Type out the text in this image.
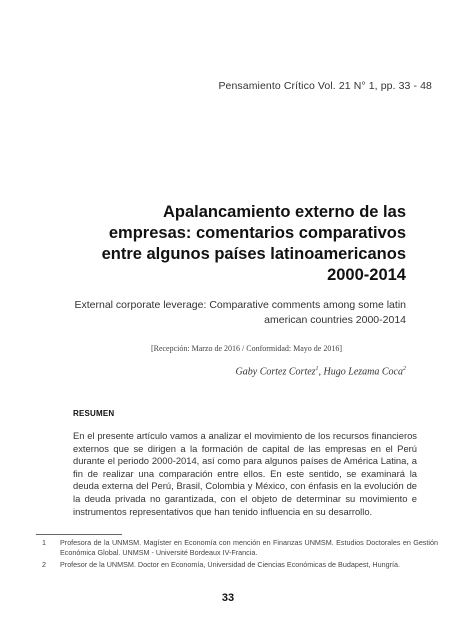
Pensamiento Crítico Vol. 21 N° 1, pp. 33 - 48
Apalancamiento externo de las
empresas: comentarios comparativos
entre algunos países latinoamericanos
2000-2014
External corporate leverage: Comparative comments among some latin american countries 2000-2014
[Recepción: Marzo de 2016 / Conformidad: Mayo de 2016]
Gaby Cortez Cortez$^1$, Hugo Lezama Coca$^2$
RESUMEN

En el presente artículo vamos a analizar el movimiento de los recursos financieros externos que se dirigen a la formación de capital de las empresas en el Perú durante el periodo 2000-2014, así como para algunos países de América Latina, a fin de realizar una comparación entre ellos. En este sentido, se examinará la deuda externa del Perú, Brasil, Colombia y México, con énfasis en la evolución de la deuda privada no garantizada, con el objeto de determinar su movimiento e instrumentos representativos que han tenido influencia en su desarrollo.

1 Profesora de la UNMSM. Magíster en Economía con mención en Finanzas UNMSM. Estudios Doctorales en Gestión Económica Global. UNMSM - Université Bordeaux IV-Francia.
2 Profesor de la UNMSM. Doctor en Economía, Universidad de Ciencias Económicas de Budapest, Hungría.
33
